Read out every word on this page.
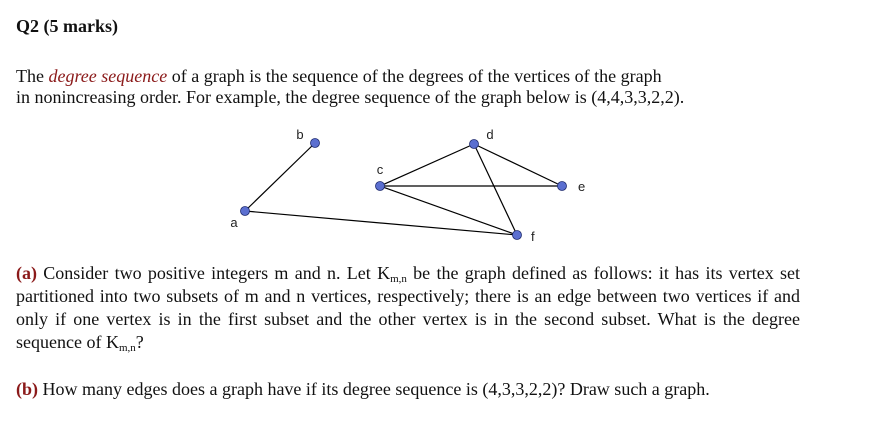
Q2 (5 marks)
The degree sequence of a graph is the sequence of the degrees of the vertices of the graph
in nonincreasing order. For example, the degree sequence of the graph below is (4,4,3,3,2,2).
a
b
c
d
e
f
(a) Consider two positive integers m and n. Let $K_{m,n}$ be the graph defined as follows: it has its vertex set partitioned into two subsets of m and n vertices, respectively; there is an edge between two vertices if and only if one vertex is in the first subset and the other vertex is in the second subset. What is the degree sequence of $K_{m,n}$?
(b) How many edges does a graph have if its degree sequence is (4,3,3,2,2)? Draw such a graph.
